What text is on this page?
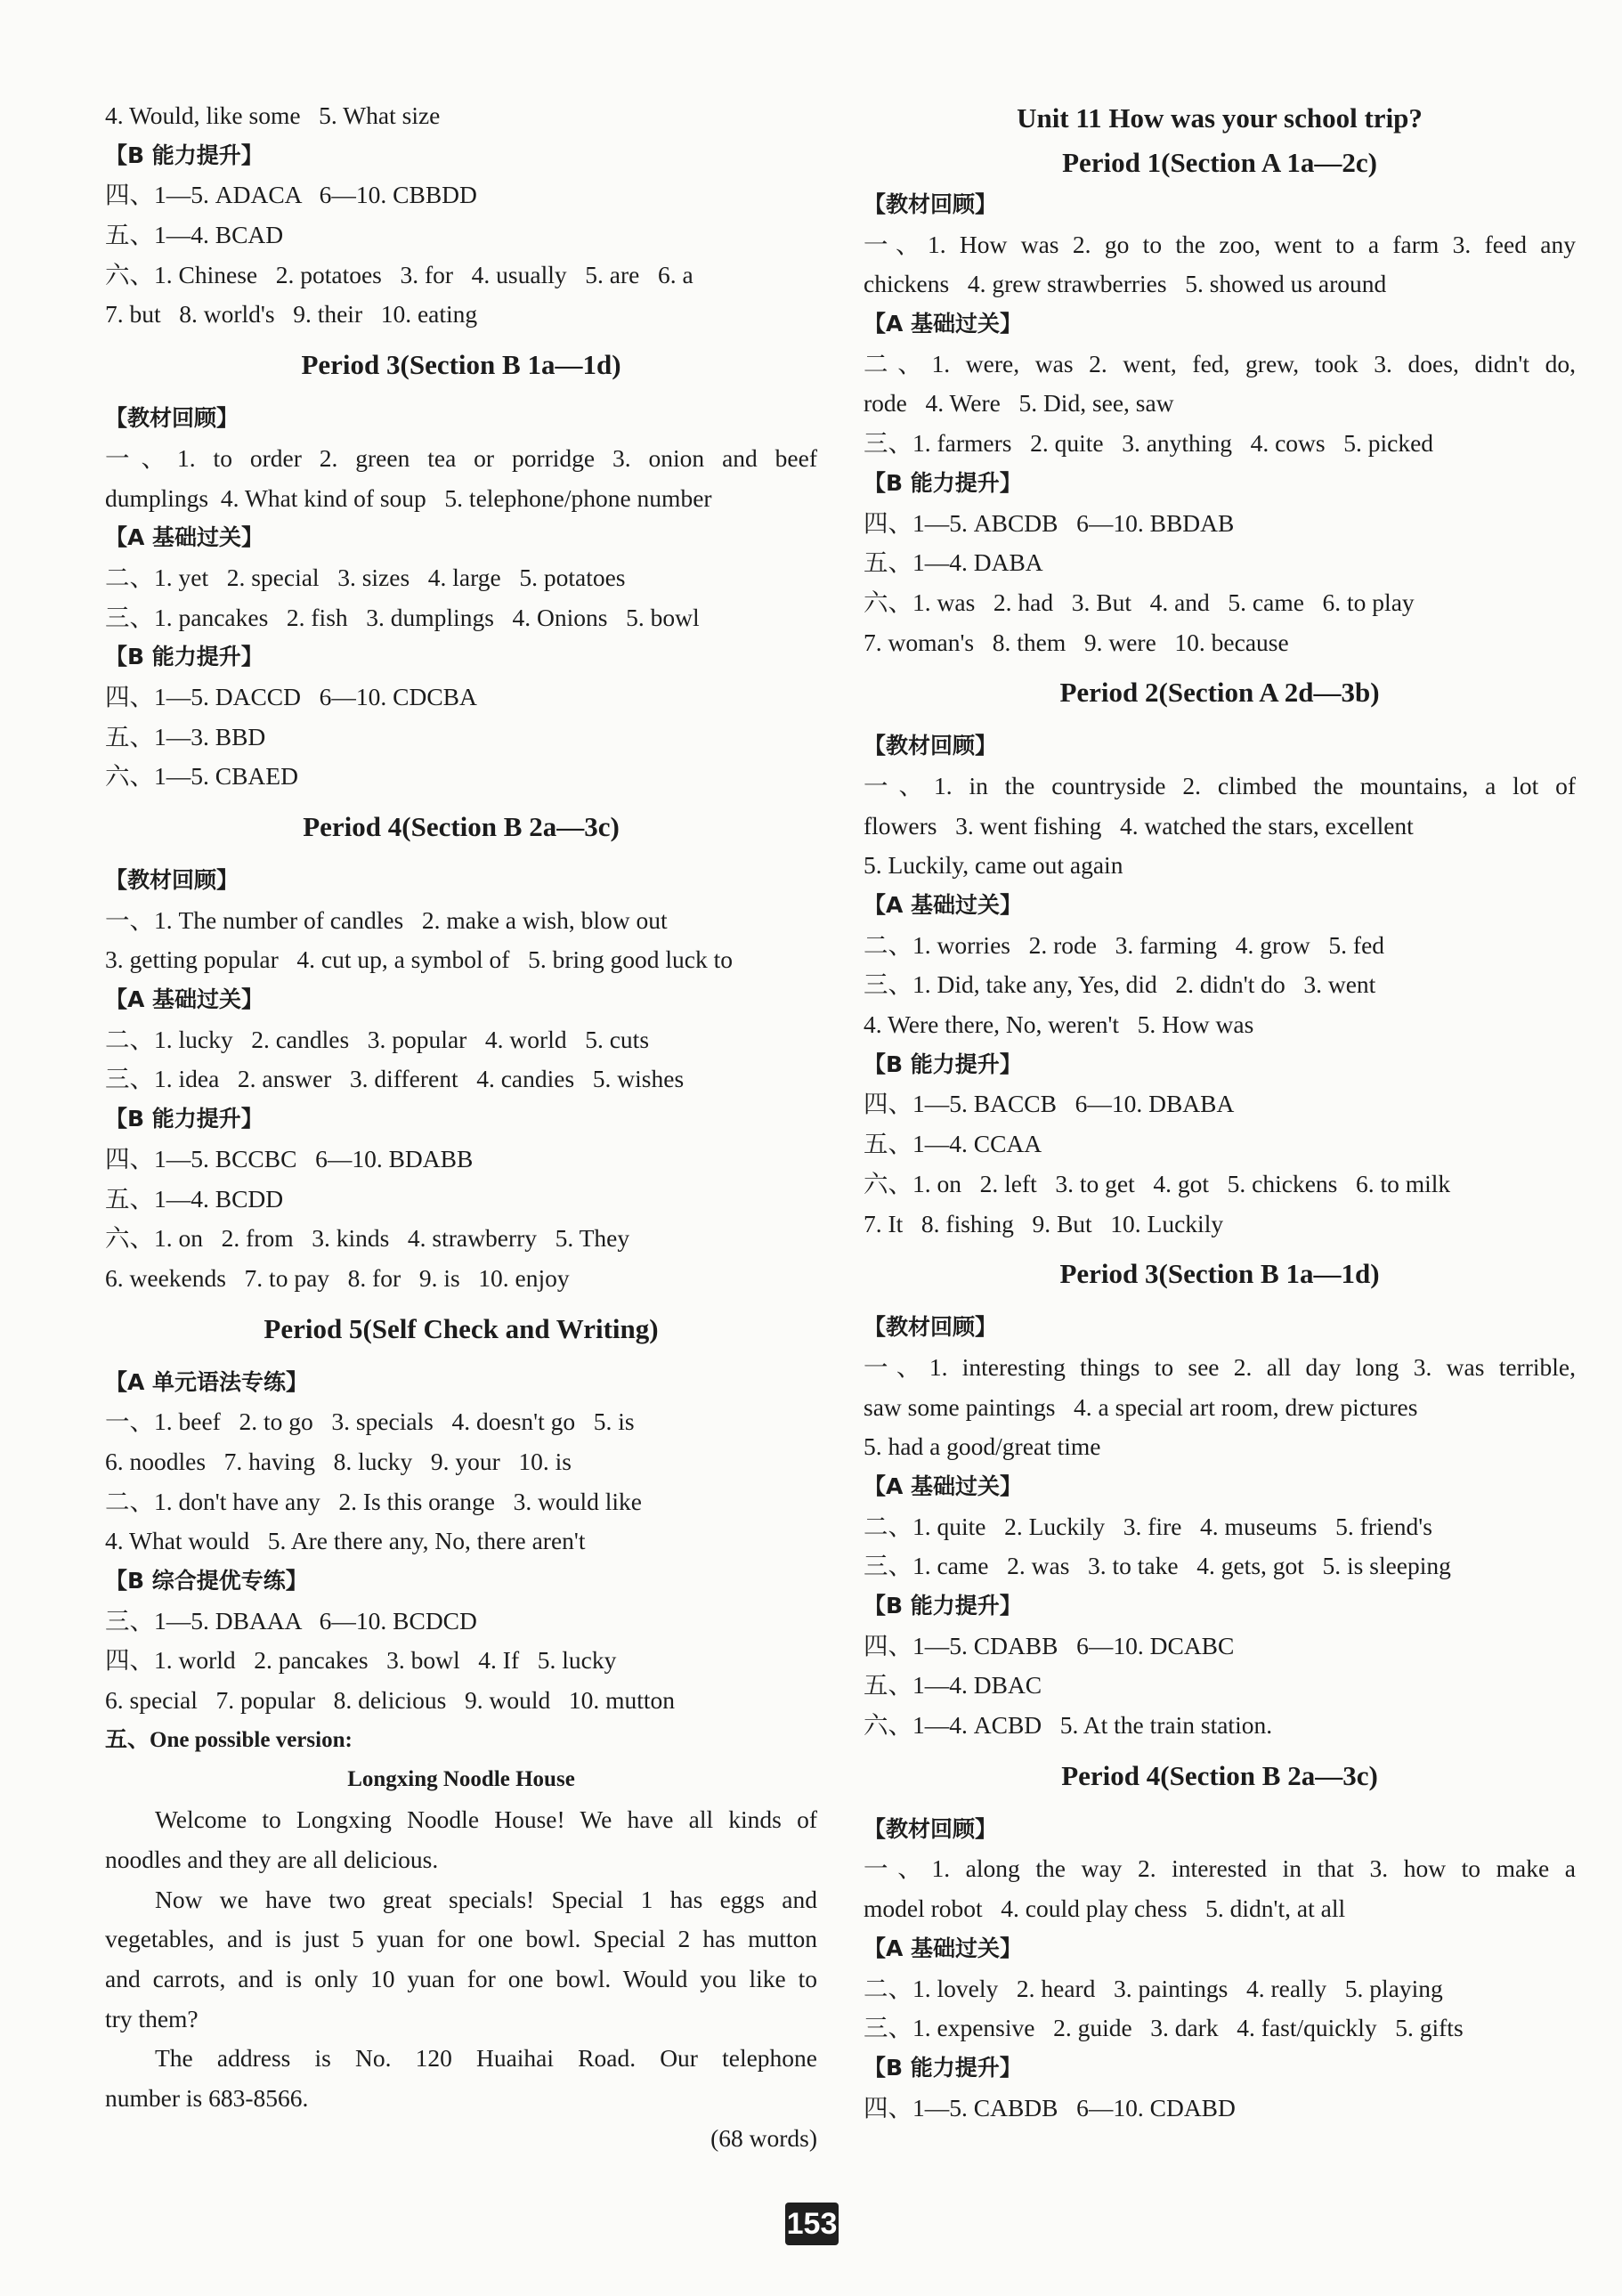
4. Would, like some   5. What size
【B 能力提升】
四、1—5. ADACA   6—10. CBBDD
五、1—4. BCAD
六、1. Chinese   2. potatoes   3. for   4. usually   5. are   6. a
7. but   8. world's   9. their   10. eating
Period 3(Section B 1a—1d)
【教材回顾】
一、1. to order 2. green tea or porridge 3. onion and beef
dumplings  4. What kind of soup   5. telephone/phone number
【A 基础过关】
二、1. yet   2. special   3. sizes   4. large   5. potatoes
三、1. pancakes   2. fish   3. dumplings   4. Onions   5. bowl
【B 能力提升】
四、1—5. DACCD   6—10. CDCBA
五、1—3. BBD
六、1—5. CBAED
Period 4(Section B 2a—3c)
【教材回顾】
一、1. The number of candles   2. make a wish, blow out
3. getting popular   4. cut up, a symbol of   5. bring good luck to
【A 基础过关】
二、1. lucky   2. candles   3. popular   4. world   5. cuts
三、1. idea   2. answer   3. different   4. candies   5. wishes
【B 能力提升】
四、1—5. BCCBC   6—10. BDABB
五、1—4. BCDD
六、1. on   2. from   3. kinds   4. strawberry   5. They
6. weekends   7. to pay   8. for   9. is   10. enjoy
Period 5(Self Check and Writing)
【A 单元语法专练】
一、1. beef   2. to go   3. specials   4. doesn't go   5. is
6. noodles   7. having   8. lucky   9. your   10. is
二、1. don't have any   2. Is this orange   3. would like
4. What would   5. Are there any, No, there aren't
【B 综合提优专练】
三、1—5. DBAAA   6—10. BCDCD
四、1. world   2. pancakes   3. bowl   4. If   5. lucky
6. special   7. popular   8. delicious   9. would   10. mutton
五、One possible version:
Longxing Noodle House
Welcome to Longxing Noodle House! We have all kinds of
noodles and they are all delicious.
Now we have two great specials! Special 1 has eggs and
vegetables, and is just 5 yuan for one bowl. Special 2 has mutton
and carrots, and is only 10 yuan for one bowl. Would you like to
try them?
The address is No. 120 Huaihai Road. Our telephone
number is 683-8566.
(68 words)
Unit 11 How was your school trip?
Period 1(Section A 1a—2c)
【教材回顾】
一、1. How was 2. go to the zoo, went to a farm 3. feed any
chickens   4. grew strawberries   5. showed us around
【A 基础过关】
二、1. were, was 2. went, fed, grew, took 3. does, didn't do,
rode   4. Were   5. Did, see, saw
三、1. farmers   2. quite   3. anything   4. cows   5. picked
【B 能力提升】
四、1—5. ABCDB   6—10. BBDAB
五、1—4. DABA
六、1. was   2. had   3. But   4. and   5. came   6. to play
7. woman's   8. them   9. were   10. because
Period 2(Section A 2d—3b)
【教材回顾】
一、1. in the countryside 2. climbed the mountains, a lot of
flowers   3. went fishing   4. watched the stars, excellent
5. Luckily, came out again
【A 基础过关】
二、1. worries   2. rode   3. farming   4. grow   5. fed
三、1. Did, take any, Yes, did   2. didn't do   3. went
4. Were there, No, weren't   5. How was
【B 能力提升】
四、1—5. BACCB   6—10. DBABA
五、1—4. CCAA
六、1. on   2. left   3. to get   4. got   5. chickens   6. to milk
7. It   8. fishing   9. But   10. Luckily
Period 3(Section B 1a—1d)
【教材回顾】
一、1. interesting things to see 2. all day long 3. was terrible,
saw some paintings   4. a special art room, drew pictures
5. had a good/great time
【A 基础过关】
二、1. quite   2. Luckily   3. fire   4. museums   5. friend's
三、1. came   2. was   3. to take   4. gets, got   5. is sleeping
【B 能力提升】
四、1—5. CDABB   6—10. DCABC
五、1—4. DBAC
六、1—4. ACBD   5. At the train station.
Period 4(Section B 2a—3c)
【教材回顾】
一、1. along the way 2. interested in that 3. how to make a
model robot   4. could play chess   5. didn't, at all
【A 基础过关】
二、1. lovely   2. heard   3. paintings   4. really   5. playing
三、1. expensive   2. guide   3. dark   4. fast/quickly   5. gifts
【B 能力提升】
四、1—5. CABDB   6—10. CDABD
153
